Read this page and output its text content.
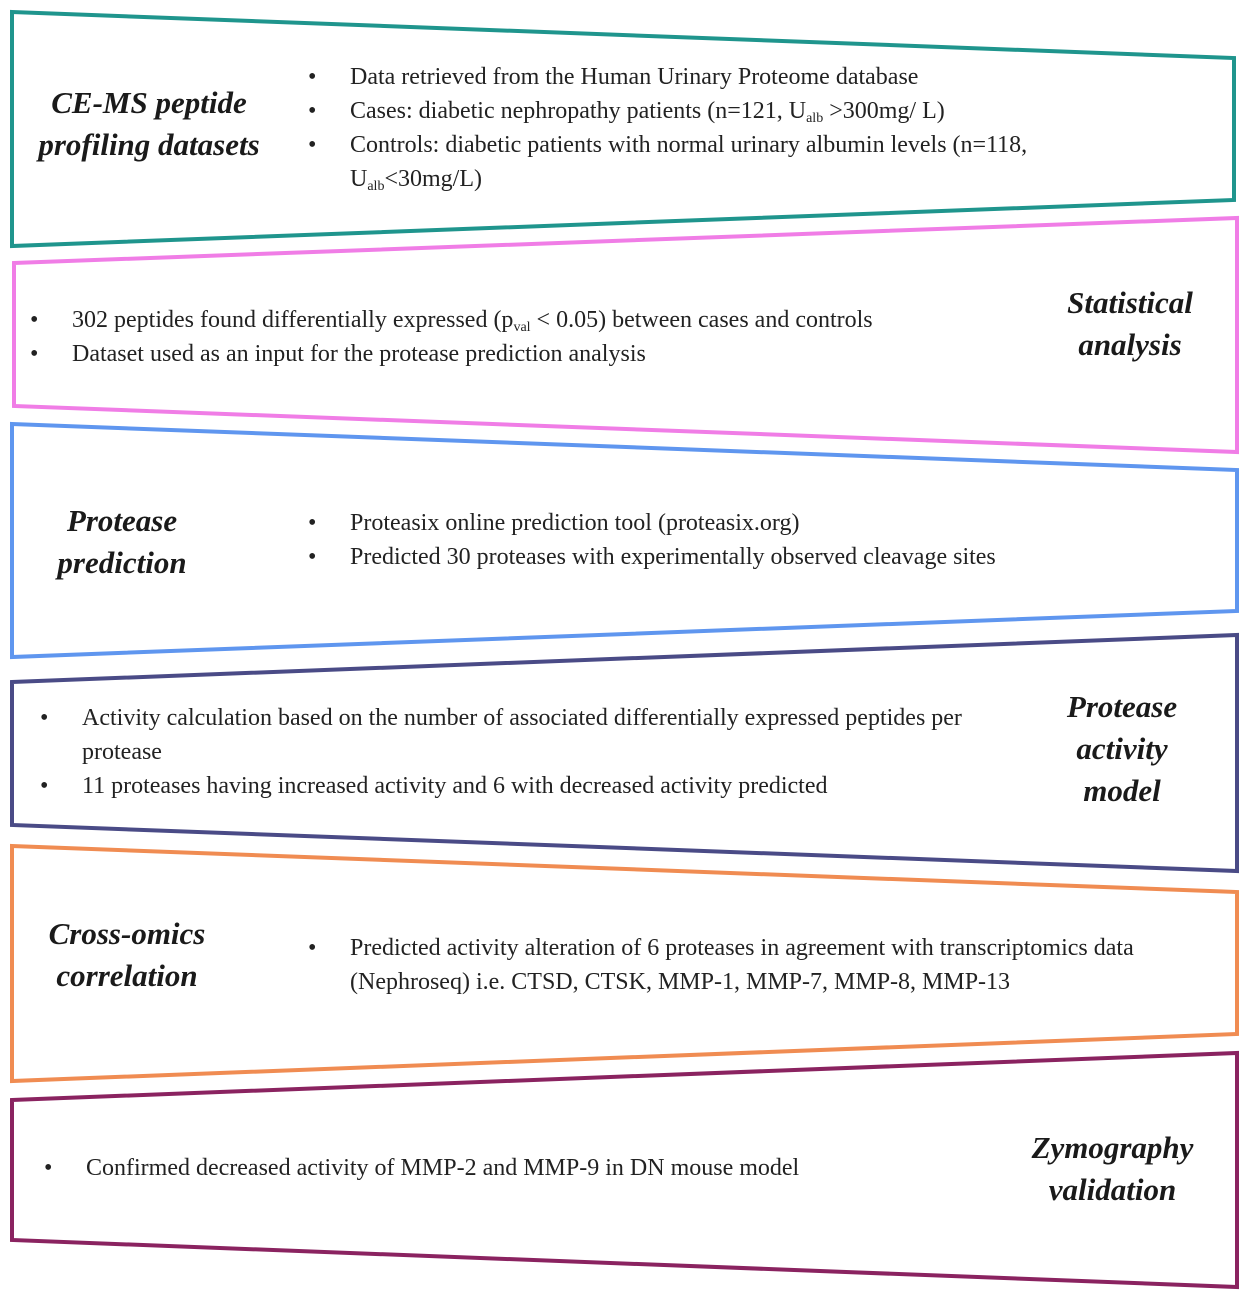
CE-MS peptide
profiling datasets
• Data retrieved from the Human Urinary Proteome database
• Cases: diabetic nephropathy patients (n=121, $U_{alb} >300mg/$ L)
• Controls: diabetic patients with normal urinary albumin levels (n=118, $U_{alb}<30mg/L$)
Statistical
analysis
• 302 peptides found differentially expressed $(p_{val} < 0.05)$ between cases and controls
• Dataset used as an input for the protease prediction analysis
Protease
prediction
• Proteasix online prediction tool (proteasix.org)
• Predicted 30 proteases with experimentally observed cleavage sites
Protease
activity
model
• Activity calculation based on the number of associated differentially expressed peptides per protease
• 11 proteases having increased activity and 6 with decreased activity predicted
Cross-omics
correlation
• Predicted activity alteration of 6 proteases in agreement with transcriptomics data (Nephroseq) i.e. CTSD, CTSK, MMP-1, MMP-7, MMP-8, MMP-13
Zymography
validation
• Confirmed decreased activity of MMP-2 and MMP-9 in DN mouse model
